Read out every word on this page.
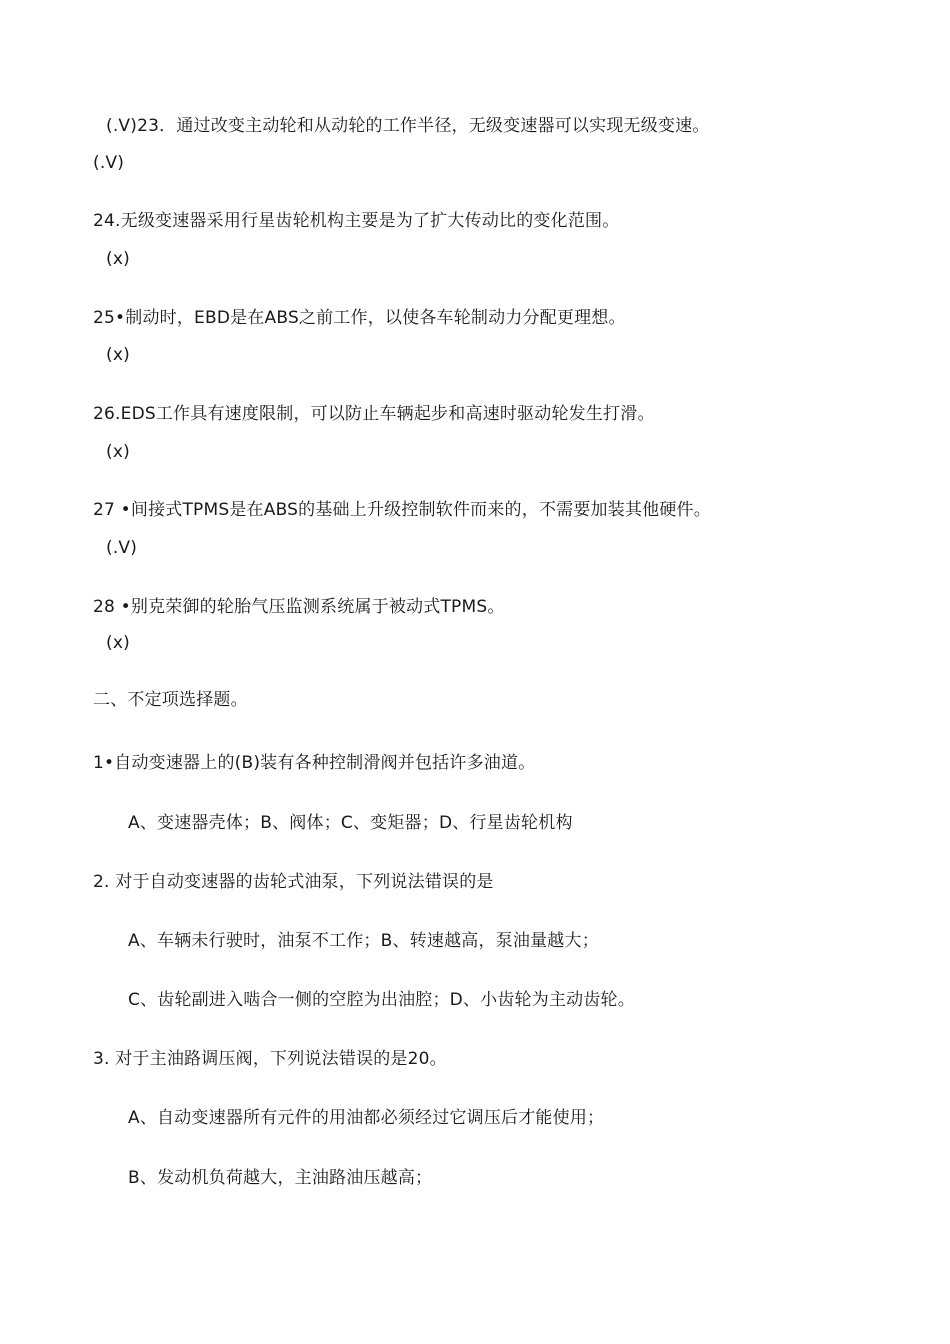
(.V)23．通过改变主动轮和从动轮的工作半径，无级变速器可以实现无级变速。
(.V)
24.无级变速器采用行星齿轮机构主要是为了扩大传动比的变化范围。
(x)
25•制动时，EBD是在ABS之前工作，以使各车轮制动力分配更理想。
(x)
26.EDS工作具有速度限制，可以防止车辆起步和高速时驱动轮发生打滑。
(x)
27 •间接式TPMS是在ABS的基础上升级控制软件而来的，不需要加装其他硬件。
(.V)
28 •别克荣御的轮胎气压监测系统属于被动式TPMS。
(x)
二、不定项选择题。
1•自动变速器上的(B)装有各种控制滑阀并包括许多油道。
A、变速器壳体；B、阀体；C、变矩器；D、行星齿轮机构
2. 对于自动变速器的齿轮式油泵，下列说法错误的是
A、车辆未行驶时，油泵不工作；B、转速越高，泵油量越大；
C、齿轮副进入啮合一侧的空腔为出油腔；D、小齿轮为主动齿轮。
3. 对于主油路调压阀，下列说法错误的是20。
A、自动变速器所有元件的用油都必须经过它调压后才能使用；
B、发动机负荷越大，主油路油压越高；
